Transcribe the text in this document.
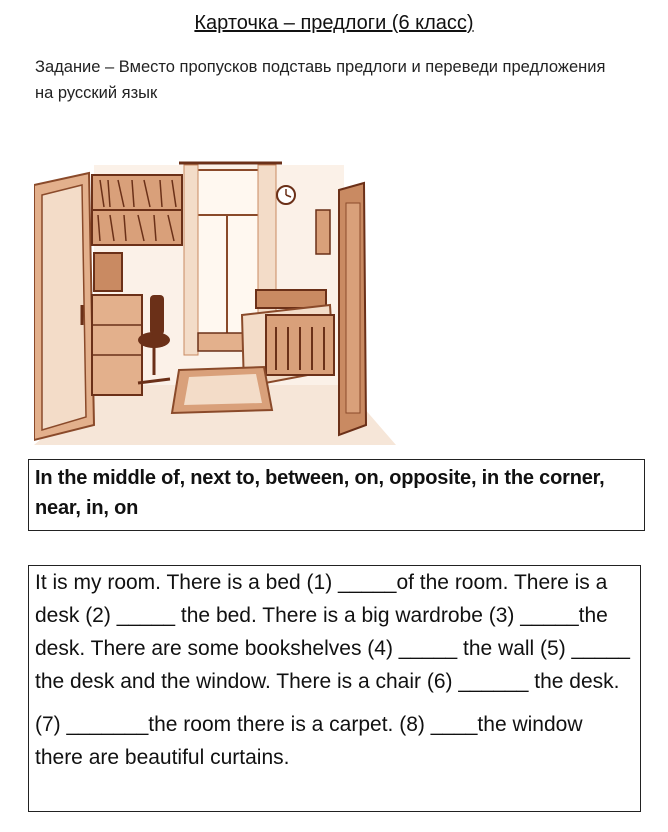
Карточка – предлоги (6 класс)
Задание – Вместо пропусков подставь предлоги и переведи предложения на русский язык
In the middle of, next to, between, on, opposite, in the corner, near, in, on

It is my room. There is a bed (1) _____of the room. There is a desk (2) _____ the bed. There is a big wardrobe (3) _____the desk. There are some bookshelves (4) _____ the wall (5) _____ the desk and the window. There is a chair (6) ______ the desk.

(7) _______the room there is a carpet. (8) ____the window there are beautiful curtains.
